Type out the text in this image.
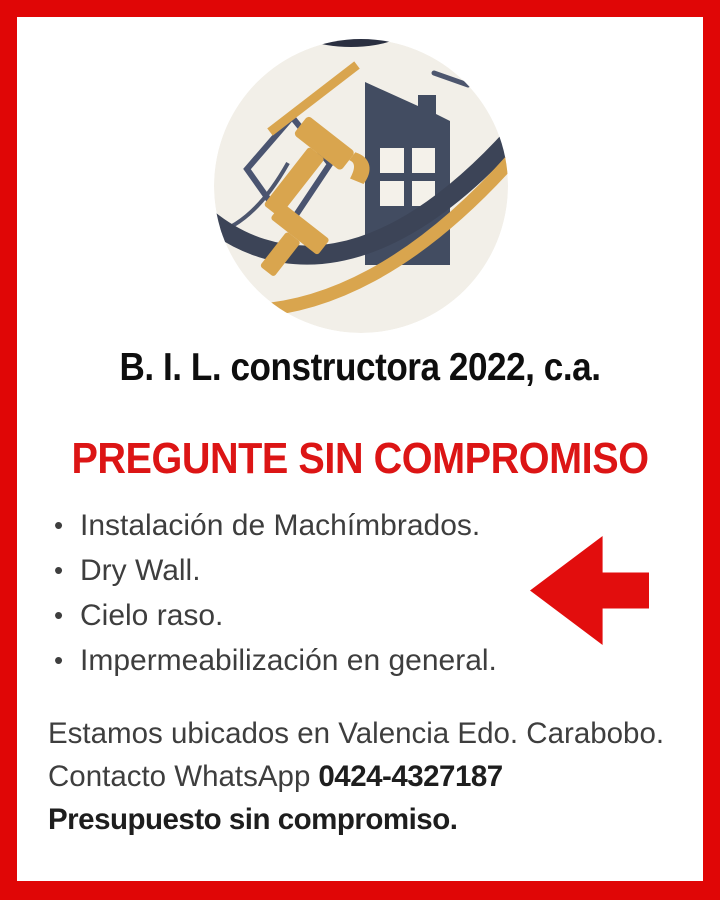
B. I. L. constructora 2022, c.a.
PREGUNTE SIN COMPROMISO
• Instalación de Machímbrados.
• Dry Wall.
• Cielo raso.
• Impermeabilización en general.
Estamos ubicados en Valencia Edo. Carabobo.
Contacto WhatsApp 0424-4327187
Presupuesto sin compromiso.
